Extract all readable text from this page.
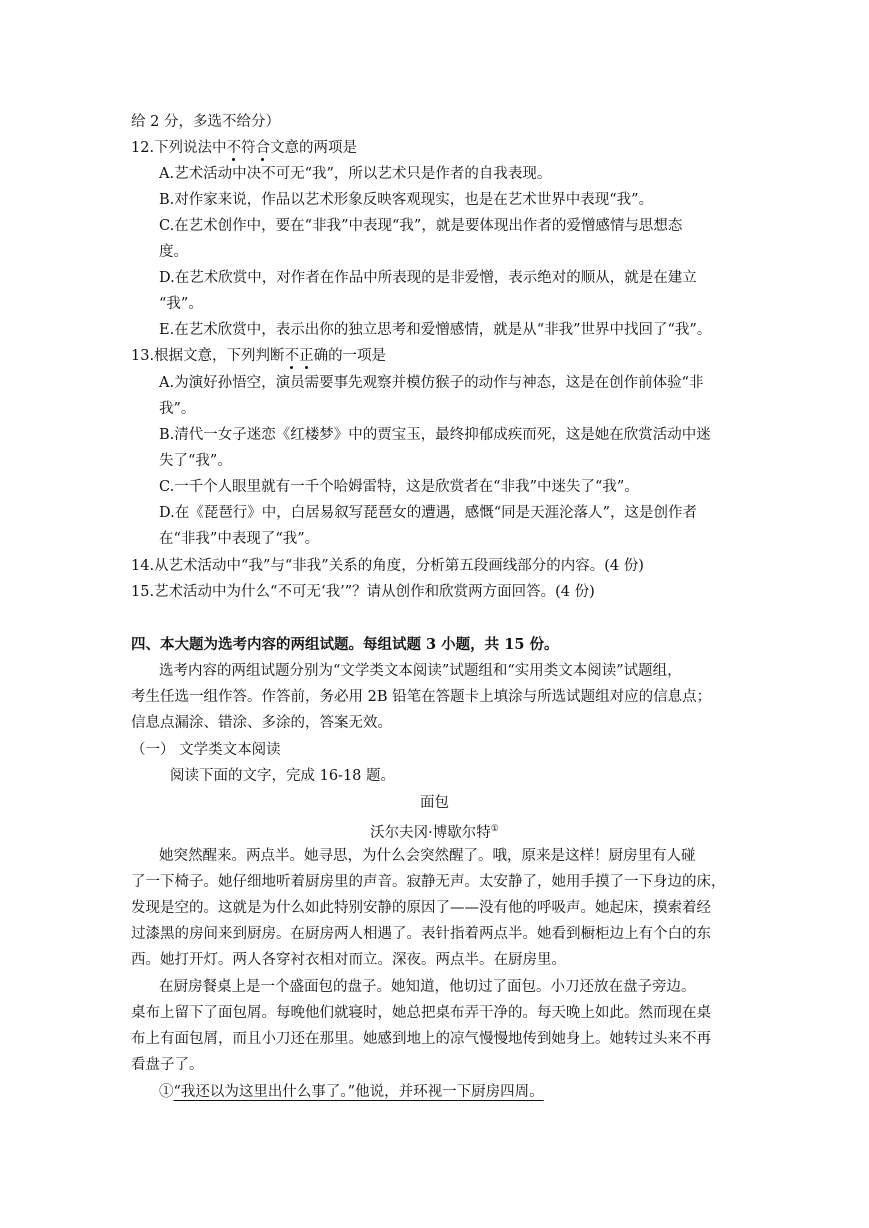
给 2 分，多选不给分）
12.下列说法中不符合文意的两项是
A.艺术活动中决不可无“我”，所以艺术只是作者的自我表现。
B.对作家来说，作品以艺术形象反映客观现实，也是在艺术世界中表现“我”。
C.在艺术创作中，要在“非我”中表现“我”，就是要体现出作者的爱憎感情与思想态
度。
D.在艺术欣赏中，对作者在作品中所表现的是非爱憎，表示绝对的顺从，就是在建立
“我”。
E.在艺术欣赏中，表示出你的独立思考和爱憎感情，就是从“非我”世界中找回了“我”。
13.根据文意，下列判断不正确的一项是
A.为演好孙悟空，演员需要事先观察并模仿猴子的动作与神态，这是在创作前体验“非
我”。
B.清代一女子迷恋《红楼梦》中的贾宝玉，最终抑郁成疾而死，这是她在欣赏活动中迷
失了“我”。
C.一千个人眼里就有一千个哈姆雷特，这是欣赏者在“非我”中迷失了“我”。
D.在《琵琶行》中，白居易叙写琵琶女的遭遇，感慨“同是天涯沦落人”，这是创作者
在“非我”中表现了“我”。
14.从艺术活动中“我”与“非我”关系的角度，分析第五段画线部分的内容。(4 份)
15.艺术活动中为什么“不可无‘我’”？请从创作和欣赏两方面回答。(4 份)
四、本大题为选考内容的两组试题。每组试题 3 小题，共 15 份。
选考内容的两组试题分别为“文学类文本阅读”试题组和“实用类文本阅读”试题组，
考生任选一组作答。作答前，务必用 2B 铅笔在答题卡上填涂与所选试题组对应的信息点；
信息点漏涂、错涂、多涂的，答案无效。
（一） 文学类文本阅读
阅读下面的文字，完成 16-18 题。
面包
沃尔夫冈·博歇尔特①
她突然醒来。两点半。她寻思，为什么会突然醒了。哦，原来是这样！厨房里有人碰
了一下椅子。她仔细地听着厨房里的声音。寂静无声。太安静了，她用手摸了一下身边的床，
发现是空的。这就是为什么如此特别安静的原因了——没有他的呼吸声。她起床，摸索着经
过漆黑的房间来到厨房。在厨房两人相遇了。表针指着两点半。她看到橱柜边上有个白的东
西。她打开灯。两人各穿衬衣相对而立。深夜。两点半。在厨房里。
在厨房餐桌上是一个盛面包的盘子。她知道，他切过了面包。小刀还放在盘子旁边。
桌布上留下了面包屑。每晚他们就寝时，她总把桌布弄干净的。每天晚上如此。然而现在桌
布上有面包屑，而且小刀还在那里。她感到地上的凉气慢慢地传到她身上。她转过头来不再
看盘子了。
①“我还以为这里出什么事了。”他说，并环视一下厨房四周。
